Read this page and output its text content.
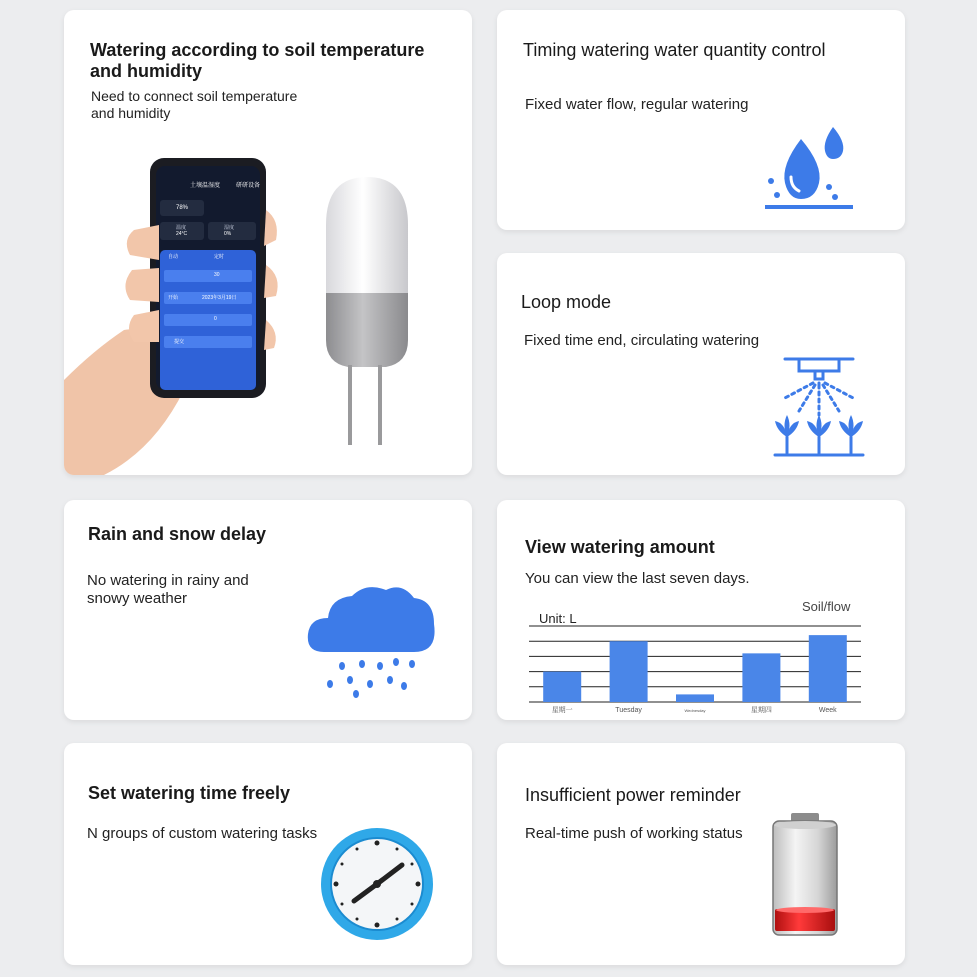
Watering according to soil temperature and humidity
Need to connect soil temperature and humidity
土壤温湿度	研研设备
78%
温度
24°C
湿度
0%
自动	定时
30
开始	2023年3月19日
0
提交
Timing watering water quantity control
Fixed water flow, regular watering
Loop mode
Fixed time end, circulating watering
Rain and snow delay
No watering in rainy and snowy weather
View watering amount
You can view the last seven days.
星期一	Tuesday	Wednesday	星期四	Week
Unit: L
Soil/flow
Set watering time freely
N groups of custom watering tasks
Insufficient power reminder
Real-time push of working status
